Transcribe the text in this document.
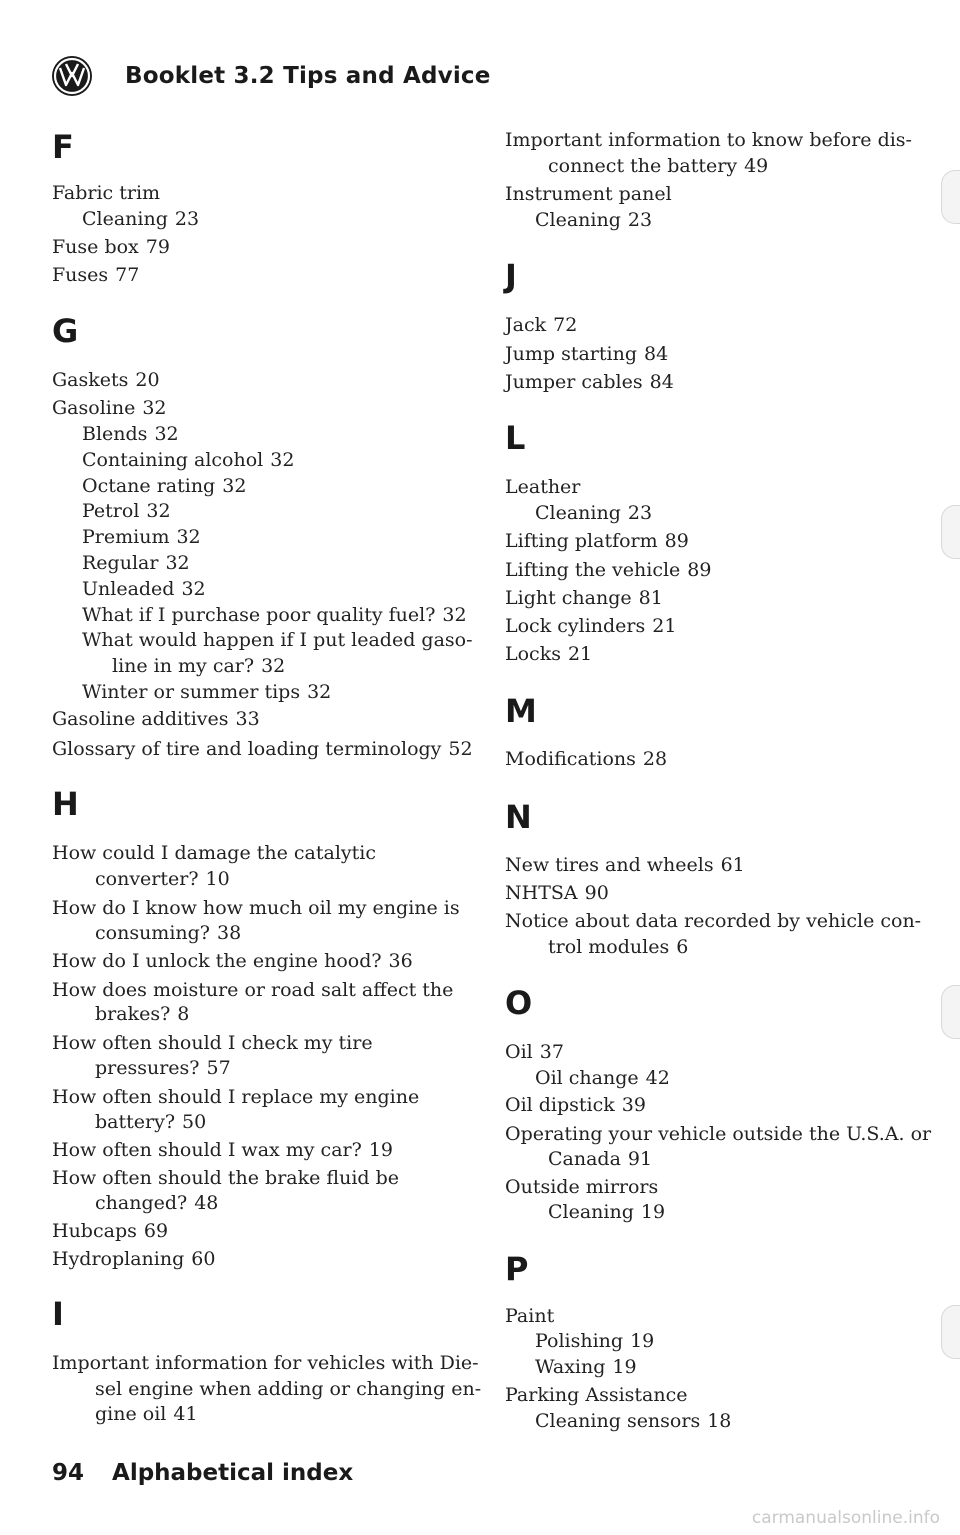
Booklet 3.2 Tips and Advice
F
Fabric trim
Cleaning 23
Fuse box 79
Fuses 77
G
Gaskets 20
Gasoline 32
Blends 32
Containing alcohol 32
Octane rating 32
Petrol 32
Premium 32
Regular 32
Unleaded 32
What if I purchase poor quality fuel? 32
What would happen if I put leaded gaso-
line in my car? 32
Winter or summer tips 32
Gasoline additives 33
Glossary of tire and loading terminology 52
H
How could I damage the catalytic
converter? 10
How do I know how much oil my engine is
consuming? 38
How do I unlock the engine hood? 36
How does moisture or road salt affect the
brakes? 8
How often should I check my tire
pressures? 57
How often should I replace my engine
battery? 50
How often should I wax my car? 19
How often should the brake fluid be
changed? 48
Hubcaps 69
Hydroplaning 60
I
Important information for vehicles with Die-
sel engine when adding or changing en-
gine oil 41
Important information to know before dis-
connect the battery 49
Instrument panel
Cleaning 23
J
Jack 72
Jump starting 84
Jumper cables 84
L
Leather
Cleaning 23
Lifting platform 89
Lifting the vehicle 89
Light change 81
Lock cylinders 21
Locks 21
M
Modifications 28
N
New tires and wheels 61
NHTSA 90
Notice about data recorded by vehicle con-
trol modules 6
O
Oil 37
Oil change 42
Oil dipstick 39
Operating your vehicle outside the U.S.A. or
Canada 91
Outside mirrors
Cleaning 19
P
Paint
Polishing 19
Waxing 19
Parking Assistance
Cleaning sensors 18
94 Alphabetical index
carmanualsonline.info
